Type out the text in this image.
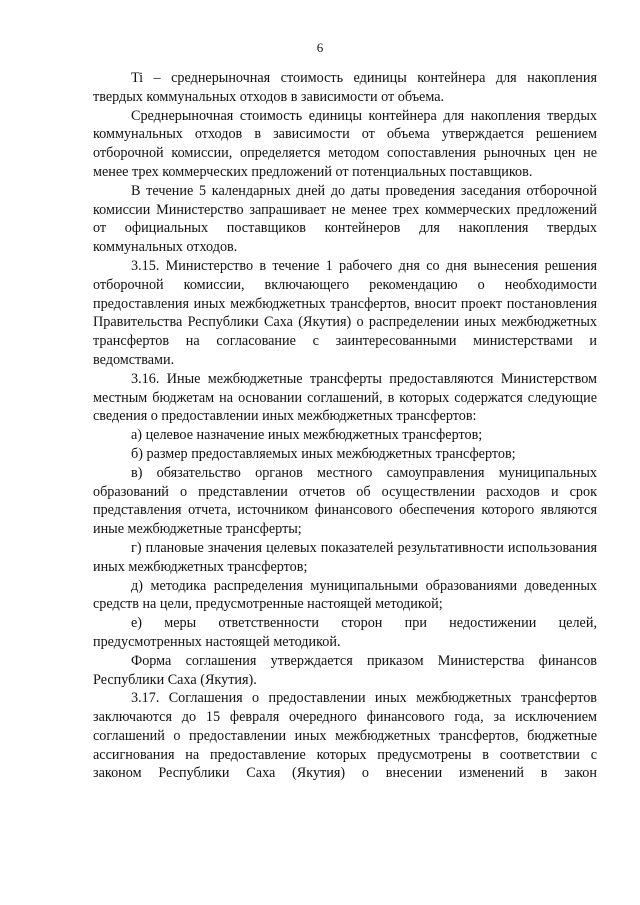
6

Ti – среднерыночная стоимость единицы контейнера для накопления твердых коммунальных отходов в зависимости от объема.

Среднерыночная стоимость единицы контейнера для накопления твердых коммунальных отходов в зависимости от объема утверждается решением отборочной комиссии, определяется методом сопоставления рыночных цен не менее трех коммерческих предложений от потенциальных поставщиков.

В течение 5 календарных дней до даты проведения заседания отборочной комиссии Министерство запрашивает не менее трех коммерческих предложений от официальных поставщиков контейнеров для накопления твердых коммунальных отходов.

3.15. Министерство в течение 1 рабочего дня со дня вынесения решения отборочной комиссии, включающего рекомендацию о необходимости предоставления иных межбюджетных трансфертов, вносит проект постановления Правительства Республики Саха (Якутия) о распределении иных межбюджетных трансфертов на согласование с заинтересованными министерствами и ведомствами.

3.16. Иные межбюджетные трансферты предоставляются Министерством местным бюджетам на основании соглашений, в которых содержатся следующие сведения о предоставлении иных межбюджетных трансфертов:

а) целевое назначение иных межбюджетных трансфертов;

б) размер предоставляемых иных межбюджетных трансфертов;

в) обязательство органов местного самоуправления муниципальных образований о представлении отчетов об осуществлении расходов и срок представления отчета, источником финансового обеспечения которого являются иные межбюджетные трансферты;

г) плановые значения целевых показателей результативности использования иных межбюджетных трансфертов;

д) методика распределения муниципальными образованиями доведенных средств на цели, предусмотренные настоящей методикой;

е) меры ответственности сторон при недостижении целей, предусмотренных настоящей методикой.

Форма соглашения утверждается приказом Министерства финансов Республики Саха (Якутия).

3.17. Соглашения о предоставлении иных межбюджетных трансфертов заключаются до 15 февраля очередного финансового года, за исключением соглашений о предоставлении иных межбюджетных трансфертов, бюджетные ассигнования на предоставление которых предусмотрены в соответствии с законом Республики Саха (Якутия) о внесении изменений в закон
